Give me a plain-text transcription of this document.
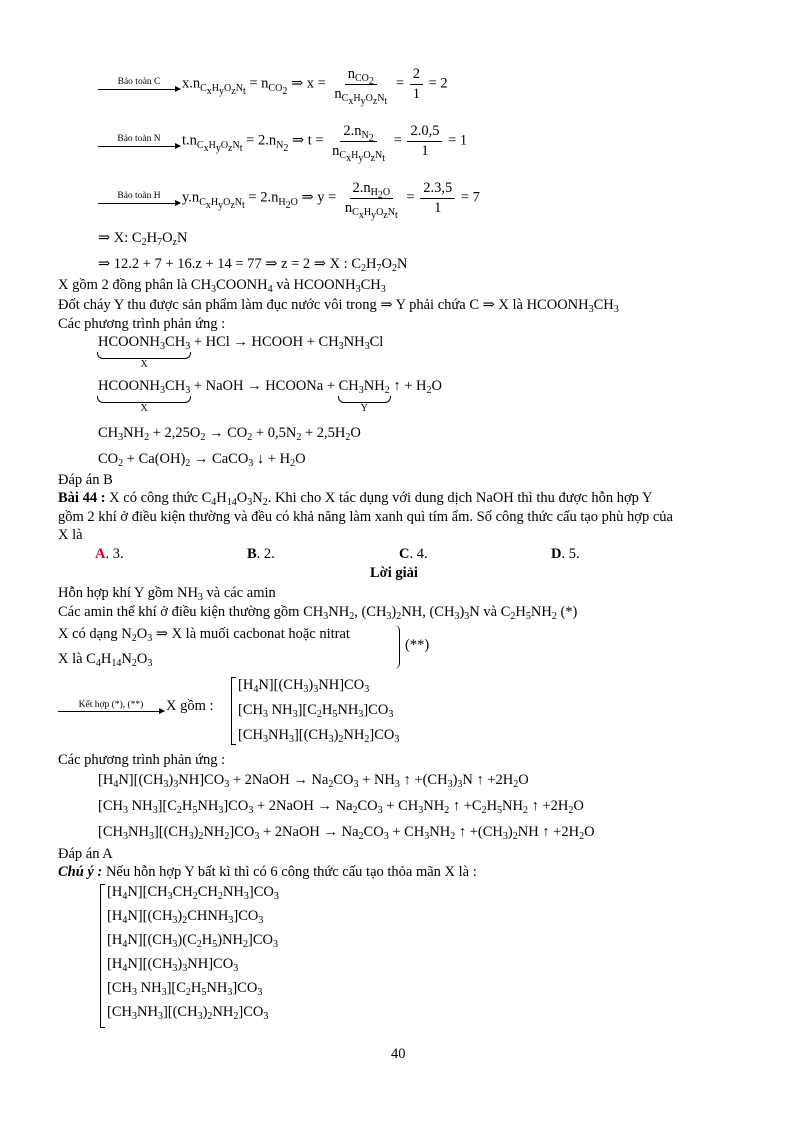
Bảo toàn C $x.n_{C_xH_yO_zN_t} = n_{CO_2}$ ⇒ $x = \frac{n_{CO_2}}{n_{C_xH_yO_zN_t}} = \frac{2}{1} = 2$
Bảo toàn N $t.n_{C_xH_yO_zN_t} = 2.n_{N_2}$ ⇒ $t = \frac{2.n_{N_2}}{n_{C_xH_yO_zN_t}} = \frac{2.0,5}{1} = 1$
Bảo toàn H $y.n_{C_xH_yO_zN_t} = 2.n_{H_2O}$ ⇒ $y = \frac{2.n_{H_2O}}{n_{C_xH_yO_zN_t}} = \frac{2.3,5}{1} = 7$
⇒ X: $C_2H_7O_zN$
⇒ 12.2 + 7 + 16.z + 14 = 77 ⇒ z = 2 ⇒ X : $C_2H_7O_2N$
X gồm 2 đồng phân là $CH_3COONH_4$ và $HCOONH_3CH_3$
Đốt cháy Y thu được sản phẩm làm đục nước vôi trong ⇒ Y phải chứa C ⇒ X là $HCOONH_3CH_3$
Các phương trình phản ứng :
$HCOONH_3CH_3$
X
+ HCl → HCOOH + $CH_3NH_3Cl$
$HCOONH_3CH_3$
X
+ NaOH → HCOONa + $CH_3NH_2$
Y
↑ + $H_2O$
$CH_3NH_2 + 2,25O_2 \to CO_2 + 0,5N_2 + 2,5H_2O$
$CO_2 + Ca(OH)_2$ → CaCO$_3$ ↓ + $H_2O$
Đáp án B
Bài 44 : X có công thức $C_4H_{14}O_3N_2$. Khi cho X tác dụng với dung dịch NaOH thì thu được hỗn hợp Y
gồm 2 khí ở điều kiện thường và đều có khả năng làm xanh quì tím ẩm. Số công thức cấu tạo phù hợp của
X là
A. 3.	B. 2.	C. 4.	D. 5.
Lời giải
Hỗn hợp khí Y gồm $NH_3$ và các amin
Các amin thể khí ở điều kiện thường gồm $CH_3NH_2$, $(CH_3)_2NH$, $(CH_3)_3N$ và $C_2H_5NH_2$ (*)
X có dạng $N_2O_3$ ⇒ X là muối cacbonat hoặc nitrat
X là $C_4H_{14}N_2O_3$
(**)
Kết hợp (*), (**) X gồm :
$[H_4N][(CH_3)_3NH]CO_3$
[$CH_3$ $NH_3][C_2H_5NH_3]CO_3$
$[CH_3NH_3][(CH_3)_2NH_2]CO_3$
Các phương trình phản ứng :
$[H_4N][(CH_3)_3NH]CO_3$ + 2NaOH → $Na_2CO_3 + NH_3$ ↑ $+(CH_3)_3N$ ↑ $+2H_2O$
[$CH_3$ $NH_3][C_2H_5NH_3]CO_3$ + 2NaOH → $Na_2CO_3 + CH_3NH_2$ ↑ $+C_2H_5NH_2$ ↑ $+2H_2O$
$[CH_3NH_3][(CH_3)_2NH_2]CO_3$ + 2NaOH → $Na_2CO_3 + CH_3NH_2$ ↑ $+(CH_3)_2NH$ ↑ $+2H_2O$
Đáp án A
Chú ý : Nếu hỗn hợp Y bất kì thì có 6 công thức cấu tạo thỏa mãn X là :
$[H_4N][CH_3CH_2CH_2NH_3]CO_3$
$[H_4N][(CH_3)_2CHNH_3]CO_3$
$[H_4N][(CH_3)(C_2H_5)NH_2]CO_3$
$[H_4N][(CH_3)_3NH]CO_3$
[$CH_3$ $NH_3][C_2H_5NH_3]CO_3$
$[CH_3NH_3][(CH_3)_2NH_2]CO_3$
40
